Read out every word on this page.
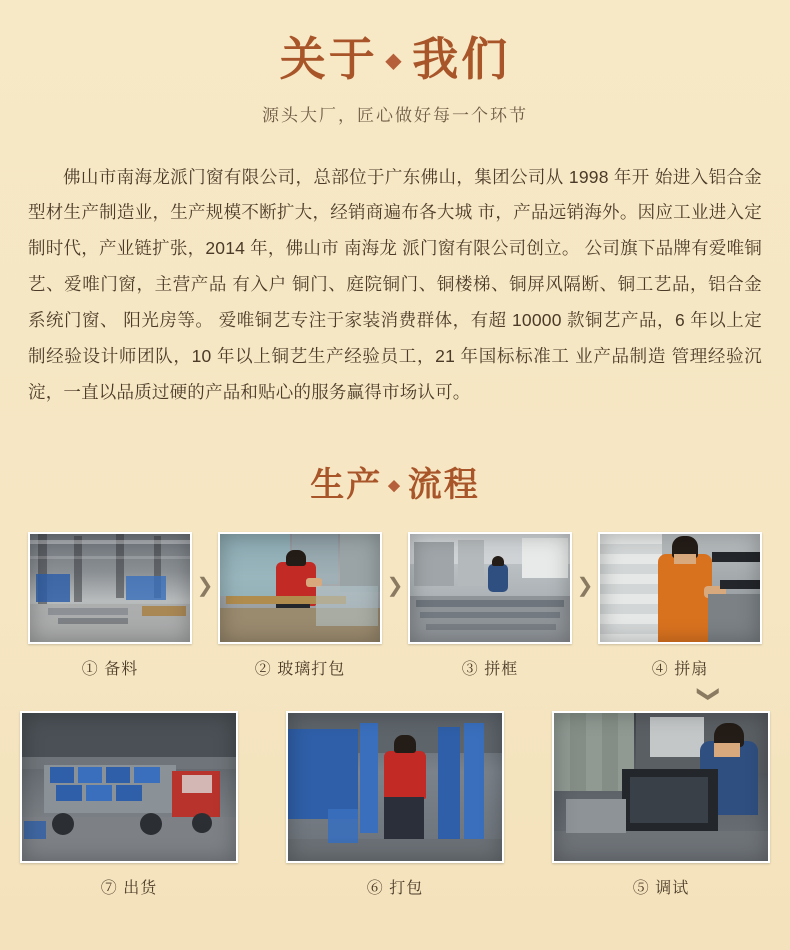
关于 ◆ 我们
源头大厂，匠心做好每一个环节

佛山市南海龙派门窗有限公司，总部位于广东佛山，集团公司从 1998 年开 始进入铝合金型材生产制造业，生产规模不断扩大，经销商遍布各大城 市，产品远销海外。因应工业进入定制时代，产业链扩张，2014 年，佛山市 南海龙 派门窗有限公司创立。 公司旗下品牌有爱唯铜艺、爱唯门窗，主营产品 有入户 铜门、庭院铜门、铜楼梯、铜屏风隔断、铜工艺品，铝合金系统门窗、 阳光房等。 爱唯铜艺专注于家装消费群体，有超 10000 款铜艺产品，6 年以上定 制经验设计师团队，10 年以上铜艺生产经验员工，21 年国标标准工 业产品制造 管理经验沉淀，一直以品质过硬的产品和贴心的服务赢得市场认可。

生产 ◆ 流程
① 备料
❯
② 玻璃打包
❯
③ 拼框
❯
④ 拼扇
❯
⑦ 出货	⑥ 打包	⑤ 调试
